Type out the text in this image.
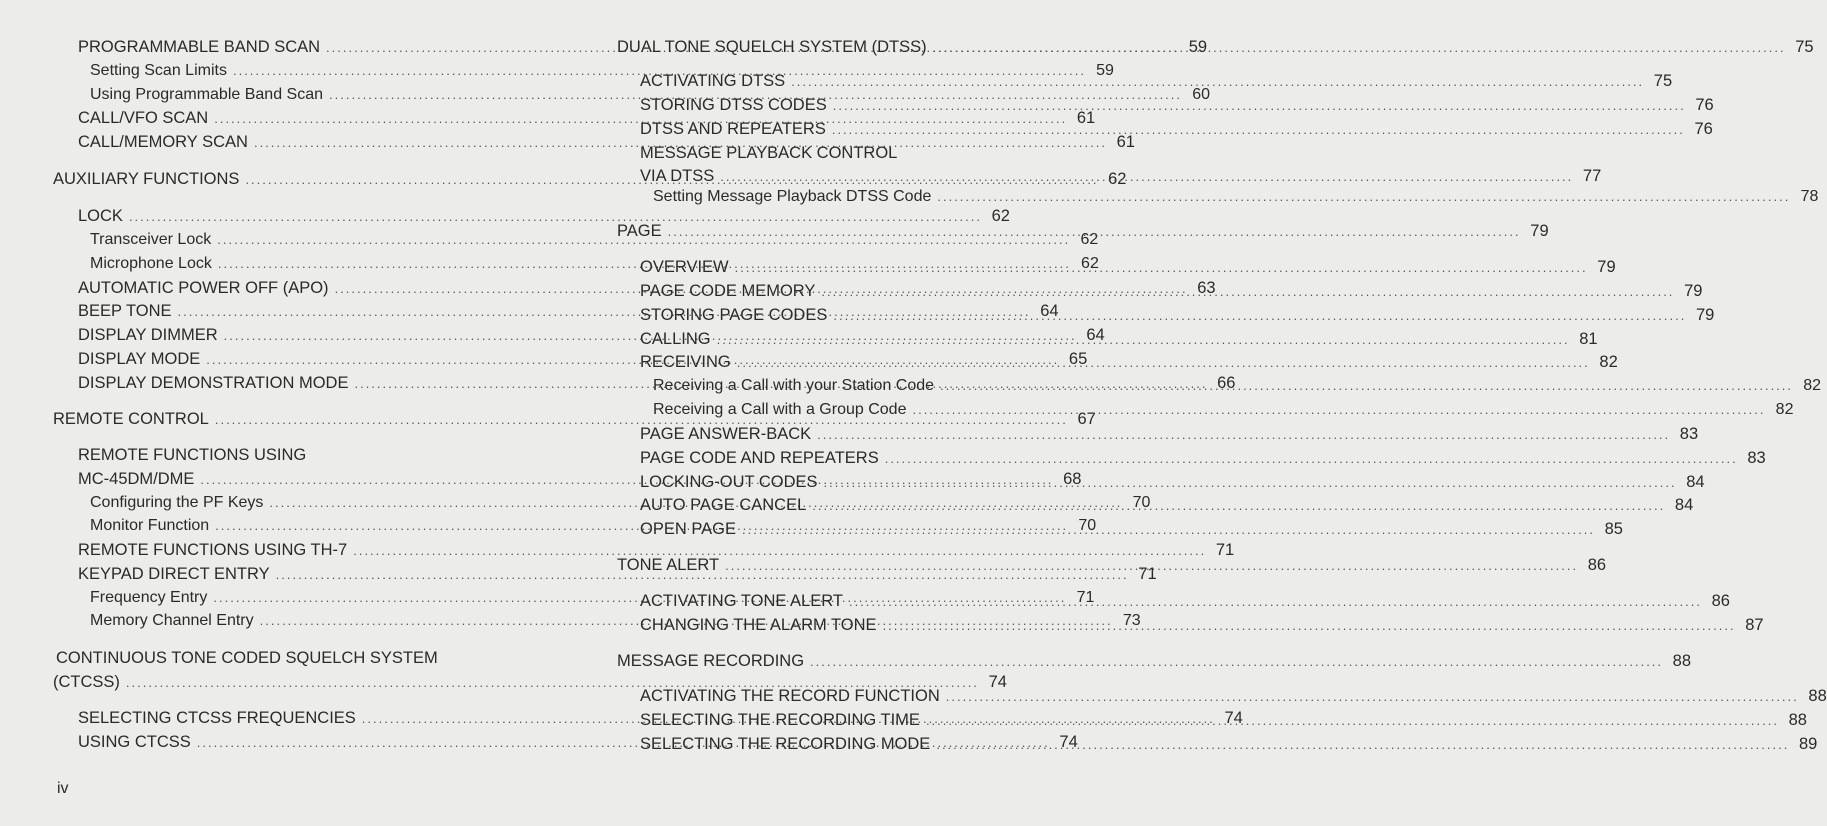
PROGRAMMABLE BAND SCAN .....	59
Setting Scan Limits .....	59
Using Programmable Band Scan .....	60
CALL/VFO SCAN .....	61
CALL/MEMORY SCAN .....	61
AUXILIARY FUNCTIONS .....	62
LOCK .....	62
Transceiver Lock .....	62
Microphone Lock .....	62
AUTOMATIC POWER OFF (APO) .....	63
BEEP TONE .....	64
DISPLAY DIMMER .....	64
DISPLAY MODE .....	65
DISPLAY DEMONSTRATION MODE .....	66
REMOTE CONTROL .....	67
REMOTE FUNCTIONS USING
MC-45DM/DME .....	68
Configuring the PF Keys .....	70
Monitor Function .....	70
REMOTE FUNCTIONS USING TH-7 .....	71
KEYPAD DIRECT ENTRY .....	71
Frequency Entry .....	71
Memory Channel Entry .....	73
CONTINUOUS TONE CODED SQUELCH SYSTEM
(CTCSS) .....	74
SELECTING CTCSS FREQUENCIES .....	74
USING CTCSS .....	74
DUAL TONE SQUELCH SYSTEM (DTSS) .....	75
ACTIVATING DTSS .....	75
STORING DTSS CODES .....	76
DTSS AND REPEATERS .....	76
MESSAGE PLAYBACK CONTROL
VIA DTSS .....	77
Setting Message Playback DTSS Code .....	78
PAGE .....	79
OVERVIEW .....	79
PAGE CODE MEMORY .....	79
STORING PAGE CODES .....	79
CALLING .....	81
RECEIVING .....	82
Receiving a Call with your Station Code .....	82
Receiving a Call with a Group Code .....	82
PAGE ANSWER-BACK .....	83
PAGE CODE AND REPEATERS .....	83
LOCKING-OUT CODES .....	84
AUTO PAGE CANCEL .....	84
OPEN PAGE .....	85
TONE ALERT .....	86
ACTIVATING TONE ALERT .....	86
CHANGING THE ALARM TONE .....	87
MESSAGE RECORDING .....	88
ACTIVATING THE RECORD FUNCTION .....	88
SELECTING THE RECORDING TIME .....	88
SELECTING THE RECORDING MODE .....	89
iv
